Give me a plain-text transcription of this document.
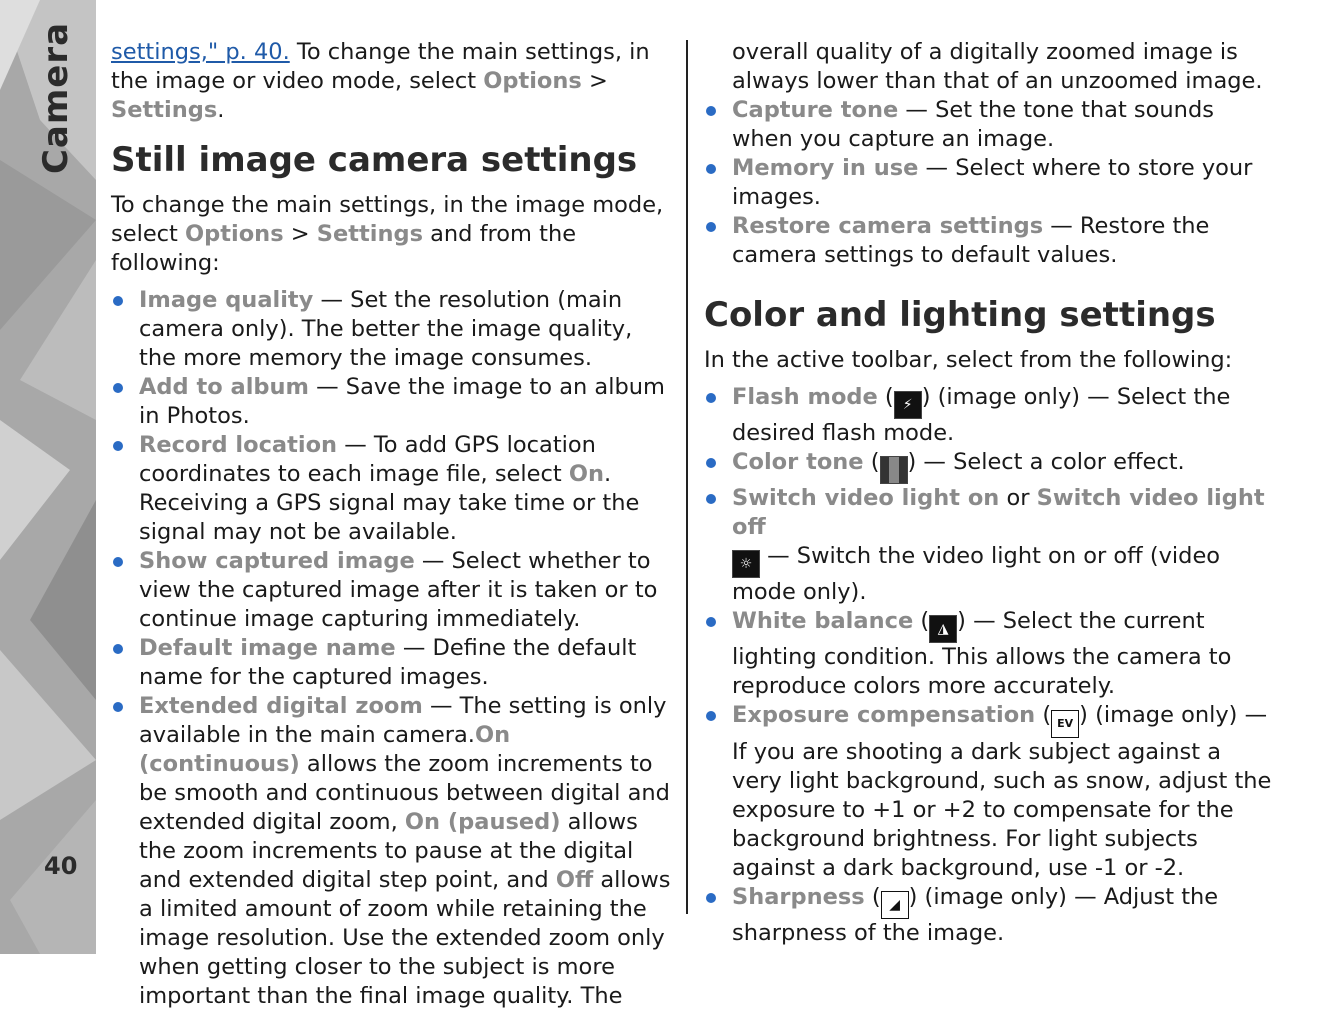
Camera
40

settings," p. 40. To change the main settings, in the image or video mode, select Options > Settings.

Still image camera settings

To change the main settings, in the image mode, select Options > Settings and from the following:

Image quality — Set the resolution (main camera only). The better the image quality, the more memory the image consumes.
Add to album — Save the image to an album in Photos.
Record location — To add GPS location coordinates to each image file, select On. Receiving a GPS signal may take time or the signal may not be available.
Show captured image — Select whether to view the captured image after it is taken or to continue image capturing immediately.
Default image name — Define the default name for the captured images.
Extended digital zoom — The setting is only available in the main camera.On (continuous) allows the zoom increments to be smooth and continuous between digital and extended digital zoom, On (paused) allows the zoom increments to pause at the digital and extended digital step point, and Off allows a limited amount of zoom while retaining the image resolution. Use the extended zoom only when getting closer to the subject is more important than the final image quality. The

overall quality of a digitally zoomed image is always lower than that of an unzoomed image.

Capture tone — Set the tone that sounds when you capture an image.
Memory in use — Select where to store your images.
Restore camera settings — Restore the camera settings to default values.
Color and lighting settings

In the active toolbar, select from the following:

Flash mode ( ⚡ ) (image only) — Select the desired flash mode.
Color tone ( ) — Select a color effect.
Switch video light on or Switch video light off
☼ — Switch the video light on or off (video mode only).
White balance ( ◮ ) — Select the current lighting condition. This allows the camera to reproduce colors more accurately.
Exposure compensation ( EV ) (image only) — If you are shooting a dark subject against a very light background, such as snow, adjust the exposure to +1 or +2 to compensate for the background brightness. For light subjects against a dark background, use -1 or -2.
Sharpness ( ◢ ) (image only) — Adjust the sharpness of the image.
